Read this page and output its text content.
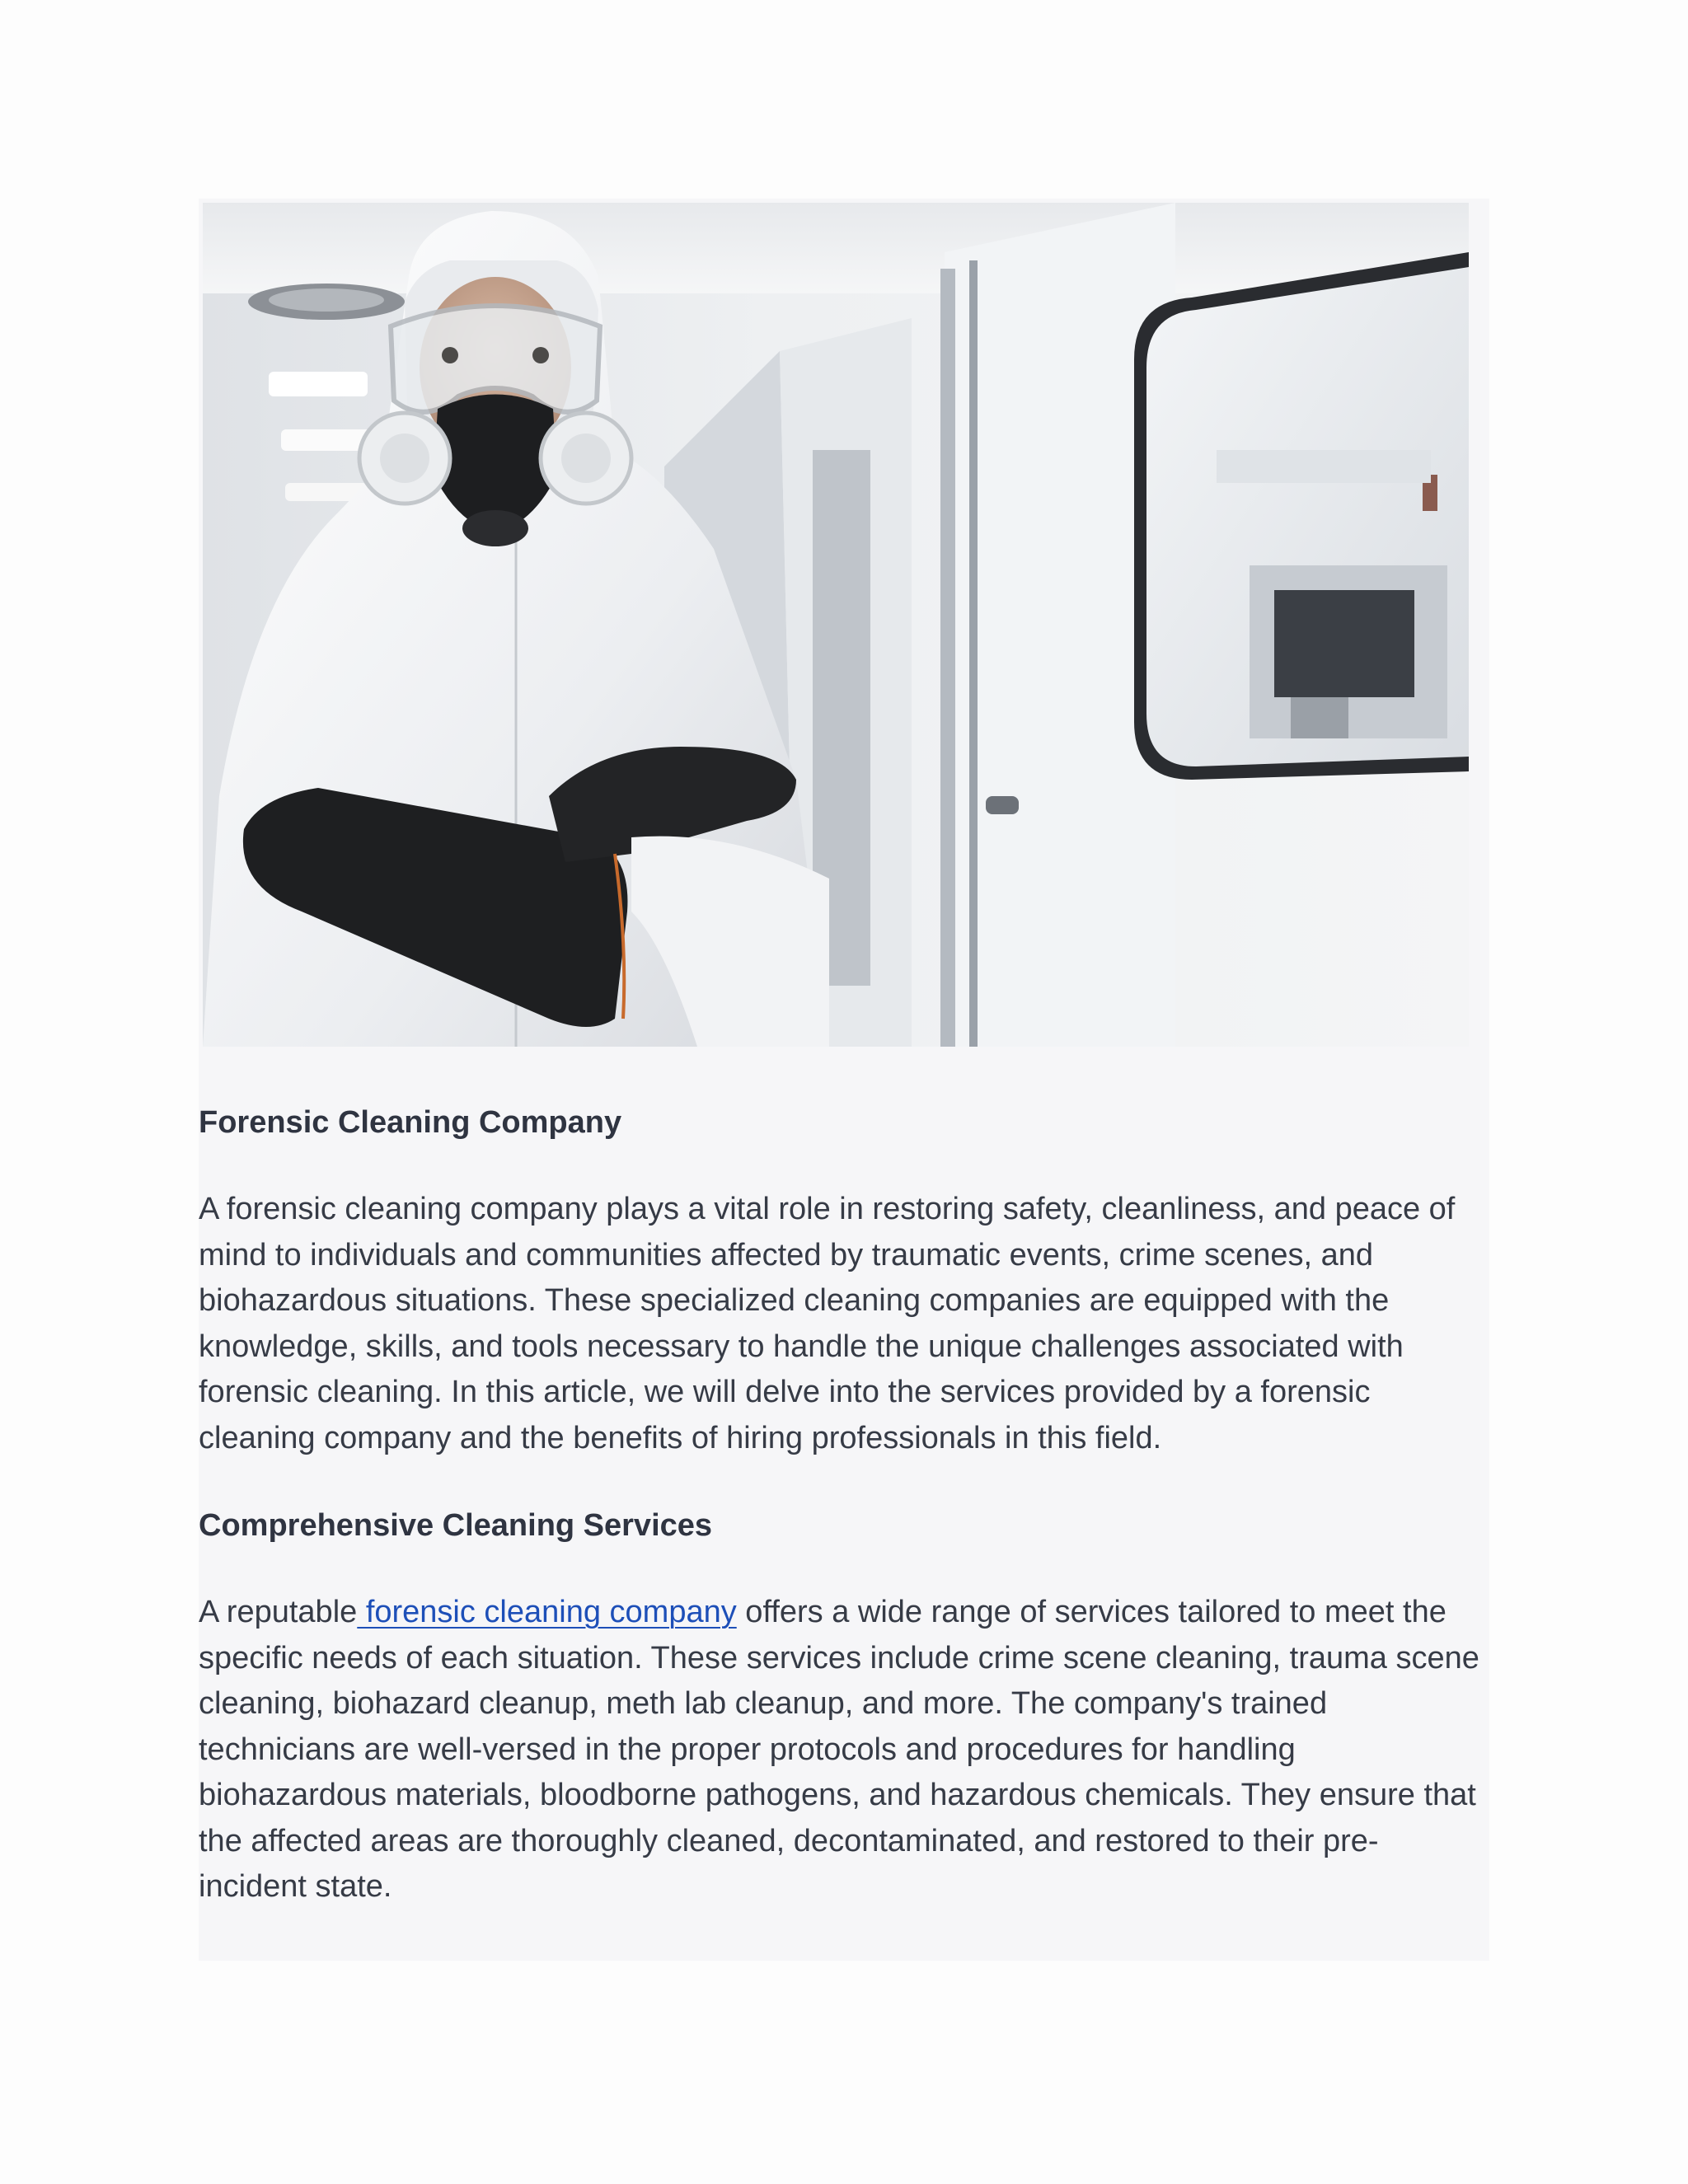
Forensic Cleaning Company

A forensic cleaning company plays a vital role in restoring safety, cleanliness, and peace of mind to individuals and communities affected by traumatic events, crime scenes, and biohazardous situations. These specialized cleaning companies are equipped with the knowledge, skills, and tools necessary to handle the unique challenges associated with forensic cleaning. In this article, we will delve into the services provided by a forensic cleaning company and the benefits of hiring professionals in this field.

Comprehensive Cleaning Services

A reputable forensic cleaning company offers a wide range of services tailored to meet the specific needs of each situation. These services include crime scene cleaning, trauma scene cleaning, biohazard cleanup, meth lab cleanup, and more. The company's trained technicians are well-versed in the proper protocols and procedures for handling biohazardous materials, bloodborne pathogens, and hazardous chemicals. They ensure that the affected areas are thoroughly cleaned, decontaminated, and restored to their pre-incident state.
